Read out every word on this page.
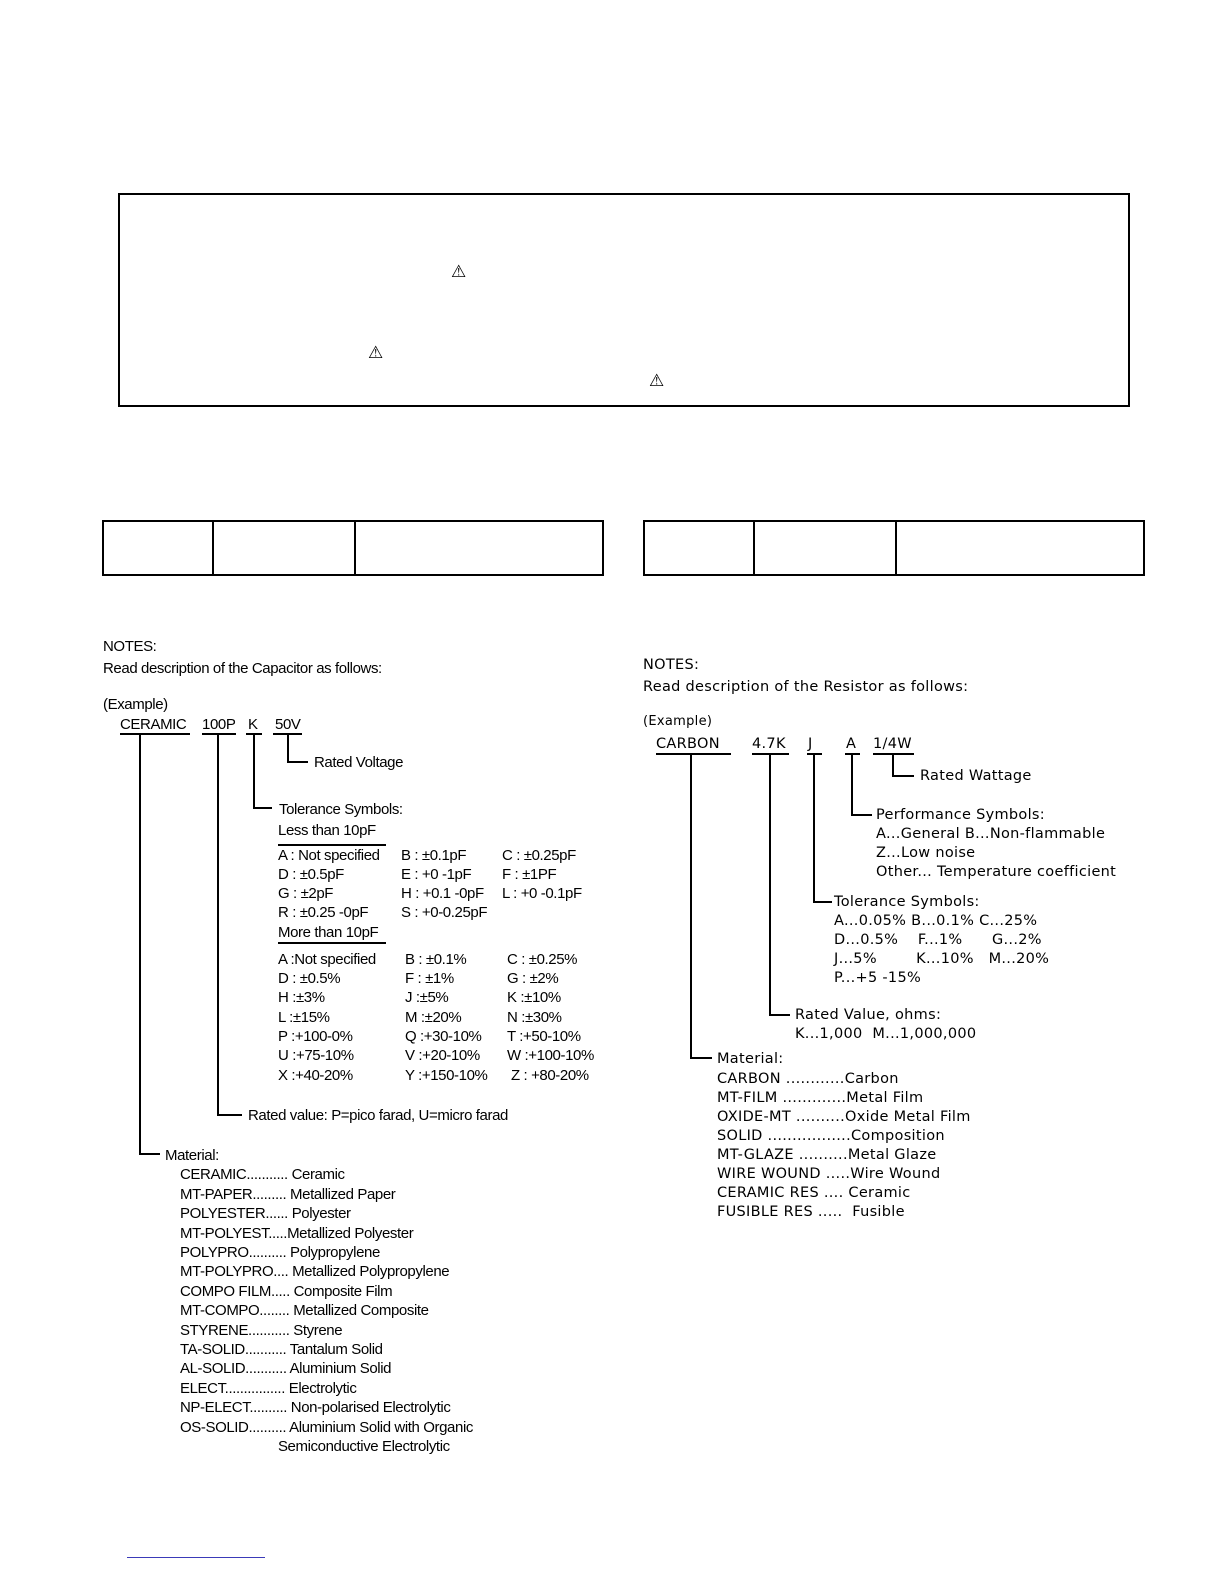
⚠
⚠
⚠
NOTES:
Read description of the Capacitor as follows:
(Example)
CERAMIC 100P K 50V
Rated Voltage
Tolerance Symbols:
Less than 10pF
A : Not specified B : ±0.1pF C : ±0.25pF
D : ±0.5pF	E : +0 -1pF F : ±1PF
G : ±2pF	H : +0.1 -0pF L : +0 -0.1pF
R : ±0.25 -0pF S : +0-0.25pF
More than 10pF
A :Not specified B : ±0.1%	C : ±0.25%
D : ±0.5%	F : ±1%	G : ±2%
H :±3%	J :±5%	K :±10%
L :±15%	M :±20%	N :±30%
P :+100-0%	Q :+30-10% T :+50-10%
U :+75-10%	V :+20-10% W :+100-10%
X :+40-20%	Y :+150-10% Z : +80-20%
Rated value: P=pico farad, U=micro farad
Material:
CERAMIC........... Ceramic
MT-PAPER......... Metallized Paper
POLYESTER...... Polyester
MT-POLYEST.....Metallized Polyester
POLYPRO.......... Polypropylene
MT-POLYPRO.... Metallized Polypropylene
COMPO FILM..... Composite Film
MT-COMPO........ Metallized Composite
STYRENE........... Styrene
TA-SOLID........... Tantalum Solid
AL-SOLID........... Aluminium Solid
ELECT................ Electrolytic
NP-ELECT.......... Non-polarised Electrolytic
OS-SOLID.......... Aluminium Solid with Organic
Semiconductive Electrolytic
NOTES:
Read description of the Resistor as follows:
(Example)
CARBON 4.7K J A 1/4W
Rated Wattage
Performance Symbols:
A...General B...Non-flammable
Z...Low noise
Other... Temperature coefficient
Tolerance Symbols:
A...0.05% B...0.1% C...25%
D...0.5%    F...1%      G...2%
J...5%        K...10%   M...20%
P...+5 -15%
Rated Value, ohms:
K...1,000  M...1,000,000
Material:
CARBON ............Carbon
MT-FILM .............Metal Film
OXIDE-MT ..........Oxide Metal Film
SOLID .................Composition
MT-GLAZE ..........Metal Glaze
WIRE WOUND .....Wire Wound
CERAMIC RES .... Ceramic
FUSIBLE RES .....  Fusible
